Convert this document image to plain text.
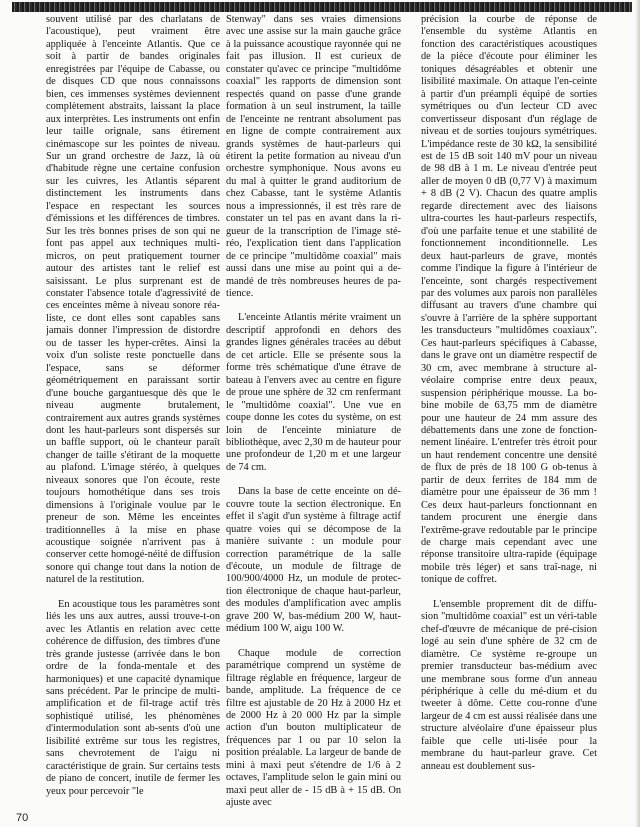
souvent utilisé par des charlatans de l'acoustique), peut vraiment être appliquée à l'enceinte Atlantis. Que ce soit à partir de bandes originales enregistrées par l'équipe de Cabasse, ou de disques CD que nous connaissons bien, ces immenses systèmes deviennent complètement abstraits, laissant la place aux interprètes. Les instruments ont enfin leur taille orignale, sans étirement cinémascope sur les pointes de niveau. Sur un grand orchestre de Jazz, là où d'habitude règne une certaine confusion sur les cuivres, les Atlantis séparent distinctement les instruments dans l'espace en respectant les sources d'émissions et les différences de timbres. Sur les très bonnes prises de son qui ne font pas appel aux techniques multi-micros, on peut pratiquement tourner autour des artistes tant le relief est saisissant. Le plus surprenant est de constater l'absence totale d'agressivité de ces enceintes même à niveau sonore réa-liste, ce dont elles sont capables sans jamais donner l'impression de distordre ou de tasser les hyper-crêtes. Ainsi la voix d'un soliste reste ponctuelle dans l'espace, sans se déformer géométriquement en paraissant sortir d'une bouche gargantuesque dès que le niveau augmente brutalement, contrairement aux autres grands systèmes dont les haut-parleurs sont dispersés sur un baffle support, où le chanteur paraît changer de taille s'étirant de la moquette au plafond. L'image stéréo, à quelques niveaux sonores que l'on écoute, reste toujours homothétique dans ses trois dimensions à l'originale voulue par le preneur de son. Même les enceintes traditionnelles à la mise en phase acoustique soignée n'arrivent pas à conserver cette homogé-néité de diffusion sonore qui change tout dans la notion de naturel de la restitution.

En acoustique tous les paramètres sont liés les uns aux autres, aussi trouve-t-on avec les Atlantis en relation avec cette cohérence de diffusion, des timbres d'une très grande justesse (arrivée dans le bon ordre de la fonda-mentale et des harmoniques) et une capacité dynamique sans précédent. Par le principe de multi-amplification et de fil-trage actif très sophistiqué utilisé, les phénomènes d'intermodulation sont ab-sents d'où une lisibilité extrême sur tous les registres, sans chevrotement de l'aigu ni caractéristique de grain. Sur certains tests de piano de concert, inutile de fermer les yeux pour percevoir "le

Stenway" dans ses vraies dimensions avec une assise sur la main gauche grâce à la puissance acoustique rayonnée qui ne fait pas illusion. Il est curieux de constater qu'avec ce principe "multidôme coaxial" les rapports de dimension sont respectés quand on passe d'une grande formation à un seul instrument, la taille de l'enceinte ne rentrant absolument pas en ligne de compte contrairement aux grands systèmes de haut-parleurs qui étirent la petite formation au niveau d'un orchestre symphonique. Nous avons eu du mal à quitter le grand auditorium de chez Cabasse, tant le système Atlantis nous a impressionnés, il est très rare de constater un tel pas en avant dans la ri-gueur de la transcription de l'image sté-réo, l'explication tient dans l'application de ce principe "multidôme coaxial" mais aussi dans une mise au point qui a de-mandé de très nombreuses heures de pa-tience.

L'enceinte Atlantis mérite vraiment un descriptif approfondi en dehors des grandes lignes générales tracées au début de cet article. Elle se présente sous la forme très schématique d'une étrave de bateau à l'envers avec au centre en figure de proue une sphère de 32 cm renfermant le "multidôme coaxial". Une vue en coupe donne les cotes du système, on est loin de l'enceinte miniature de bibliothèque, avec 2,30 m de hauteur pour une profondeur de 1,20 m et une largeur de 74 cm.

Dans la base de cette enceinte on dé-couvre toute la section électronique. En effet il s'agit d'un système à filtrage actif quatre voies qui se décompose de la manière suivante : un module pour correction paramétrique de la salle d'écoute, un module de filtrage de 100/900/4000 Hz, un module de protec-tion électronique de chaque haut-parleur, des modules d'amplification avec amplis grave 200 W, bas-médium 200 W, haut-médium 100 W, aigu 100 W.

Chaque module de correction paramétrique comprend un système de filtrage réglable en fréquence, largeur de bande, amplitude. La fréquence de ce filtre est ajustable de 20 Hz à 2000 Hz et de 2000 Hz à 20 000 Hz par la simple action d'un bouton multiplicateur de fréquences par 1 ou par 10 selon la position préalable. La largeur de bande de mini à maxi peut s'étendre de 1/6 à 2 octaves, l'amplitude selon le gain mini ou maxi peut aller de - 15 dB à + 15 dB. On ajuste avec

précision la courbe de réponse de l'ensemble du système Atlantis en fonction des caractéristiques acoustiques de la pièce d'écoute pour éliminer les toniques désagréables et obtenir une lisibilité maximale. On attaque l'en-ceinte à partir d'un préampli équipé de sorties symétriques ou d'un lecteur CD avec convertisseur disposant d'un réglage de niveau et de sorties toujours symétriques. L'impédance reste de 30 kΩ, la sensibilité est de 15 dB soit 140 mV pour un niveau de 98 dB à 1 m. Le niveau d'entrée peut aller de moyen 0 dB (0,77 V) à maximum + 8 dB (2 V). Chacun des quatre amplis regarde directement avec des liaisons ultra-courtes les haut-parleurs respectifs, d'où une parfaite tenue et une stabilité de fonctionnement inconditionnelle. Les deux haut-parleurs de grave, montés comme l'indique la figure à l'intérieur de l'enceinte, sont chargés respectivement par des volumes aux parois non parallèles diffusant au travers d'une chambre qui s'ouvre à l'arrière de la sphère supportant les transducteurs "multidômes coaxiaux". Ces haut-parleurs spécifiques à Cabasse, dans le grave ont un diamètre respectif de 30 cm, avec membrane à structure al-véolaire comprise entre deux peaux, suspension périphérique mousse. La bo-bine mobile de 63,75 mm de diamètre pour une hauteur de 24 mm assure des débattements dans une zone de fonction-nement linéaire. L'entrefer très étroit pour un haut rendement concentre une densité de flux de près de 18 100 G ob-tenus à partir de deux ferrites de 184 mm de diamètre pour une épaisseur de 36 mm ! Ces deux haut-parleurs fonctionnant en tandem procurent une énergie dans l'extrême-grave redoutable par le principe de charge mais cependant avec une réponse transitoire ultra-rapide (équipage mobile très léger) et sans traî-nage, ni tonique de coffret.

L'ensemble proprement dit de diffu-sion "multidôme coaxial" est un véri-table chef-d'œuvre de mécanique de pré-cision logé au sein d'une sphère de 32 cm de diamètre. Ce système re-groupe un premier transducteur bas-médium avec une membrane sous forme d'un anneau périphérique à celle du mé-dium et du tweeter à dôme. Cette cou-ronne d'une largeur de 4 cm est aussi réalisée dans une structure alvéolaire d'une épaisseur plus faible que celle uti-lisée pour la membrane du haut-parleur grave. Cet anneau est doublement sus-

70
